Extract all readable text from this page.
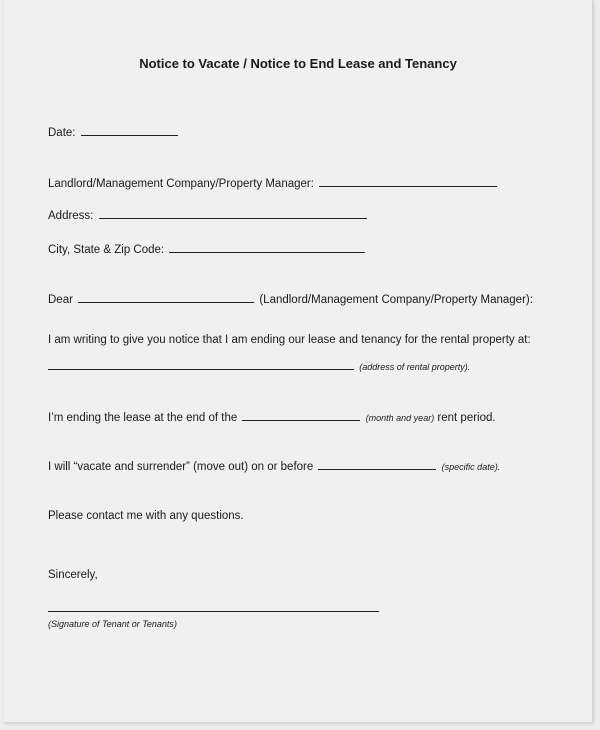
Notice to Vacate / Notice to End Lease and Tenancy
Date:
Landlord/Management Company/Property Manager:
Address:
City, State & Zip Code:
Dear	(Landlord/Management Company/Property Manager):
I am writing to give you notice that I am ending our lease and tenancy for the rental property at:
(address of rental property).
I’m ending the lease at the end of the	(month and year) rent period.
I will “vacate and surrender” (move out) on or before	(specific date).
Please contact me with any questions.
Sincerely,
(Signature of Tenant or Tenants)
